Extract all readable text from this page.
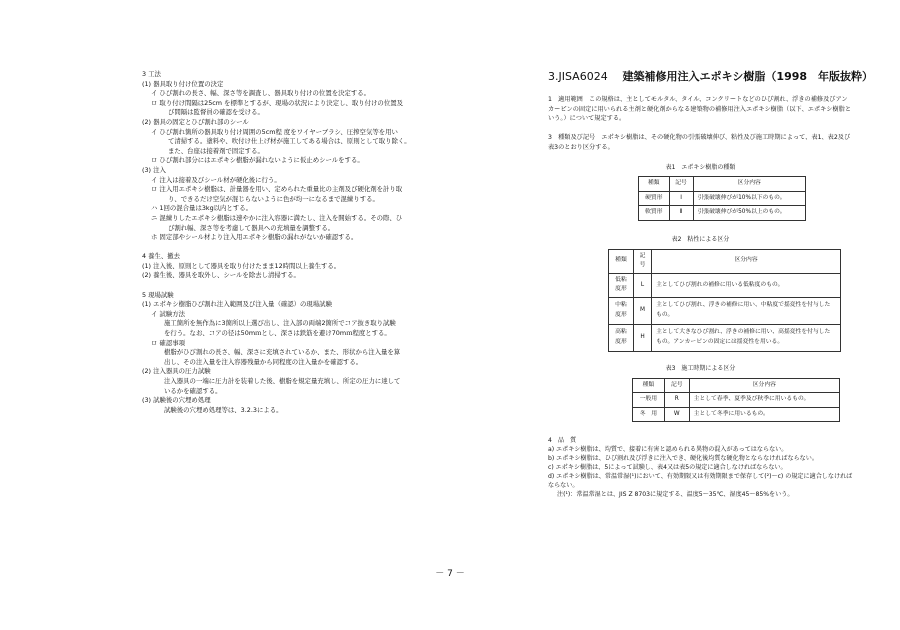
3 工法
(1) 器具取り付け位置の決定
イ ひび割れの長さ、幅、深さ等を調査し、器具取り付けの位置を決定する。
ロ 取り付け間隔は25cm を標準とするが、現場の状況により決定し、取り付けの位置及
び間隔は監督員の確認を受ける。
(2) 器具の固定とひび割れ部のシール
イ ひび割れ箇所の器具取り付け周囲の5cm程 度をワイヤーブラシ、圧搾空気等を用い
て清掃する。塗料や、吹付け仕上げ材が施工してある場合は、原則として取り除く。
また、台座は接着剤で固定する。
ロ ひび割れ部分にはエポキシ樹脂が漏れないように仮止めシールをする。
(3) 注入
イ 注入は接着及びシール材が硬化後に行う。
ロ 注入用エポキシ樹脂は、計量器を用い、定められた重量比の主剤及び硬化剤を計り取
り、できるだけ空気が混じらないように色が均一になるまで混練りする。
ハ 1回の混合量は3kg以内とする。
ニ 混練りしたエポキシ樹脂は速やかに注入容器に満たし、注入を開始する。その際、ひ
び割れ幅、深さ等を考慮して器具への充填量を調整する。
ホ 固定部やシール材より注入用エポキシ樹脂の漏れがないか確認する。
4 養生、撤去
(1) 注入後、原則として器具を取り付けたまま12時間以上養生する。
(2) 養生後、器具を取外し、シールを除去し清掃する。
5 現場試験
(1) エポキシ樹脂ひび割れ注入範囲及び注入量（確認）の現場試験
イ 試験方法
施工箇所を無作為に3箇所以上選び出し、注入部の両端2箇所でコア抜き取り試験
を行う。なお、コアの径は50mｍとし、深さは鉄筋を避け70mｍ程度とする。
ロ 確認事項
樹脂がひび割れの長さ、幅、深さに充填されているか、また、形状から注入量を算
出し、その注入量を注入容器残量から同程度の注入量かを確認する。
(2) 注入器具の圧力試験
注入器具の一端に圧力計を装着した後、樹脂を規定量充填し、所定の圧力に達して
いるかを確認する。
(3) 試験後の穴埋め処理
試験後の穴埋め処理等は、3.2.3による。
3.JISA6024　 建築補修用注入エポキシ樹脂（1998　年版抜粋）
1　適用範囲　この規格は、主としてモルタル、タイル、コンクリートなどのひび割れ、浮きの補修及びアンカーピンの固定に用いられる主剤と硬化剤からなる建築物の補修用注入エポキシ樹脂（以下、エポキシ樹脂という。）について規定する。
3　種類及び記号　エポキシ樹脂は、その硬化物の引張破壊伸び、粘性及び施工時期によって、表1、表2及び表3のとおり区分する。
表1　エポキシ樹脂の種類
種類	記号	区分内容
硬質形	Ⅰ	引張破壊伸びが10%以下のもの。
軟質形	Ⅱ	引張破壊伸びが50%以上のもの。
表2　粘性による区分
種類	記号	区分内容
低粘度形	L	主としてひび割れの補修に用いる低粘度のもの。
中粘度形	M	主としてひび割れ、浮きの補修に用い、中粘度で揺変性を付与したもの。
高粘度形	H	主として大きなひび割れ、浮きの補修に用い、高揺変性を付与したもの。アンカーピンの固定には揺変性を用いる。
表3　施工時期による区分
種類	記号	区分内容
一般用	R	主として春季、夏季及び秋季に用いるもの。
冬　用	W	主として冬季に用いるもの。
4　品　質
a) エポキシ樹脂は、均質で、接着に有害と認められる異物の混入があってはならない。
b) エポキシ樹脂は、ひび割れ及び浮きに注入でき、硬化後均質な硬化物とならなければならない。
c) エポキシ樹脂は、5によって試験し、表4又は表5の規定に適合しなければならない。
d) エポキシ樹脂は、常温常湿(¹)において、有効期限又は有効期限まで保存して(²)〜c) の規定に適合しなければならない。
注(¹)：常温常湿とは、JIS Z 8703に規定する、温度5〜35℃、湿度45〜85%をいう。
－ 7 －
